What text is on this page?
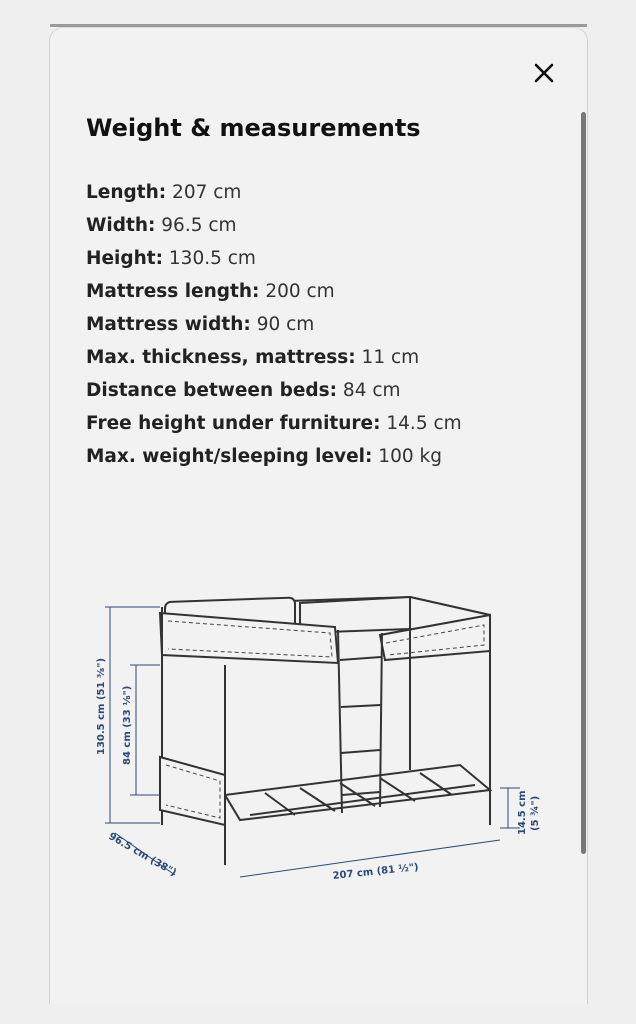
Weight & measurements
Length: 207 cm
Width: 96.5 cm
Height: 130.5 cm
Mattress length: 200 cm
Mattress width: 90 cm
Max. thickness, mattress: 11 cm
Distance between beds: 84 cm
Free height under furniture: 14.5 cm
Max. weight/sleeping level: 100 kg
130.5 cm (51 ⅜") 84 cm (33 ⅛")
96.5 cm (38")	207 cm (81 ½")
14.5 cm (5 ¾")
